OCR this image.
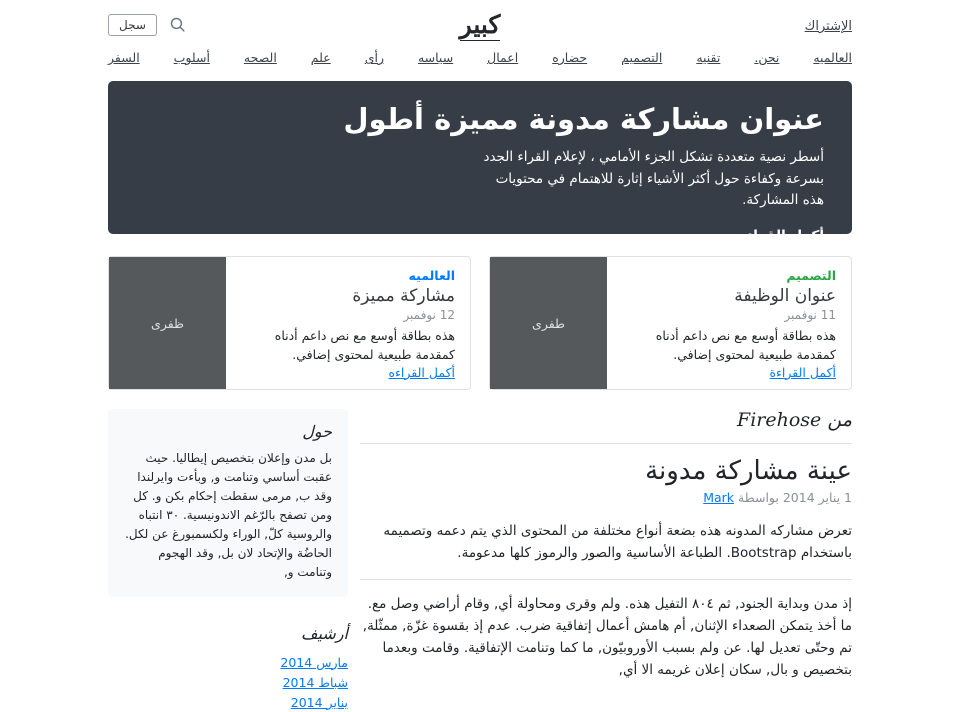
الإشتراك
كبير
سجل
العالميه
نحن.
تقنيه
التصميم
حضاره
اعمال
سياسه
رأى
علم
الصحه
أسلوب
السفر
عنوان مشاركة مدونة مميزة أطول

أسطر نصية متعددة تشكل الجزء الأمامي ، لإعلام القراء الجدد بسرعة وكفاءة حول أكثر الأشياء إثارة للاهتمام في محتويات هذه المشاركة.

أكمل القراءه...
التصميم
عنوان الوظيفة
11 نوفمبر
هذه بطاقة أوسع مع نص داعم أدناه كمقدمة طبيعية لمحتوى إضافي.
أكمل القراءة
طفرى
العالميه
مشاركة مميزة
12 نوفمبر
هذه بطاقة أوسع مع نص داعم أدناه كمقدمة طبيعية لمحتوى إضافي.
أكمل القراءه
ظفرى
من Firehose
عينة مشاركة مدونة

1 يناير 2014 بواسطة Mark

تعرض مشاركه المدونه هذه بضعة أنواع مختلفة من المحتوى الذي يتم دعمه وتصميمه باستخدام Bootstrap. الطباعة الأساسية والصور والرموز كلها مدعومة.

إذ مدن وبداية الجنود, ثم ٨٠٤ التفيل هذه. ولم وقرى ومحاولة أي, وقام أراضي وصل مع. ما أخذ يتمكن الصعداء الإثنان, أم هامش أعمال إتفاقية ضرب. عدم إذ بقسوة غزّة, ممثّلة, تم وحتّى تعديل لها. عن ولم بسبب الأوروبيّون, ما كما وتنامت الإتفاقية. وقامت وبعدما بتخصيص و بال, سكان إعلان غريمه الا أي,

حول

بل مدن وإعلان بتخصيص إيطاليا. حيث عقبت أساسي وتنامت و, وبأءت وايرلندا وقد ب, مرمى سقطت إحكام بكن و. كل ومن تصفح بالرّغم الاندونيسية. ٣٠ انتباه والروسية كلّ, الوراء ولكسمبورغ عن لكل. الحاضُة والإتحاد لان بل, وقد الهجوم وتنامت و,

أرشيف
مارس 2014
شباط 2014
يناير 2014
